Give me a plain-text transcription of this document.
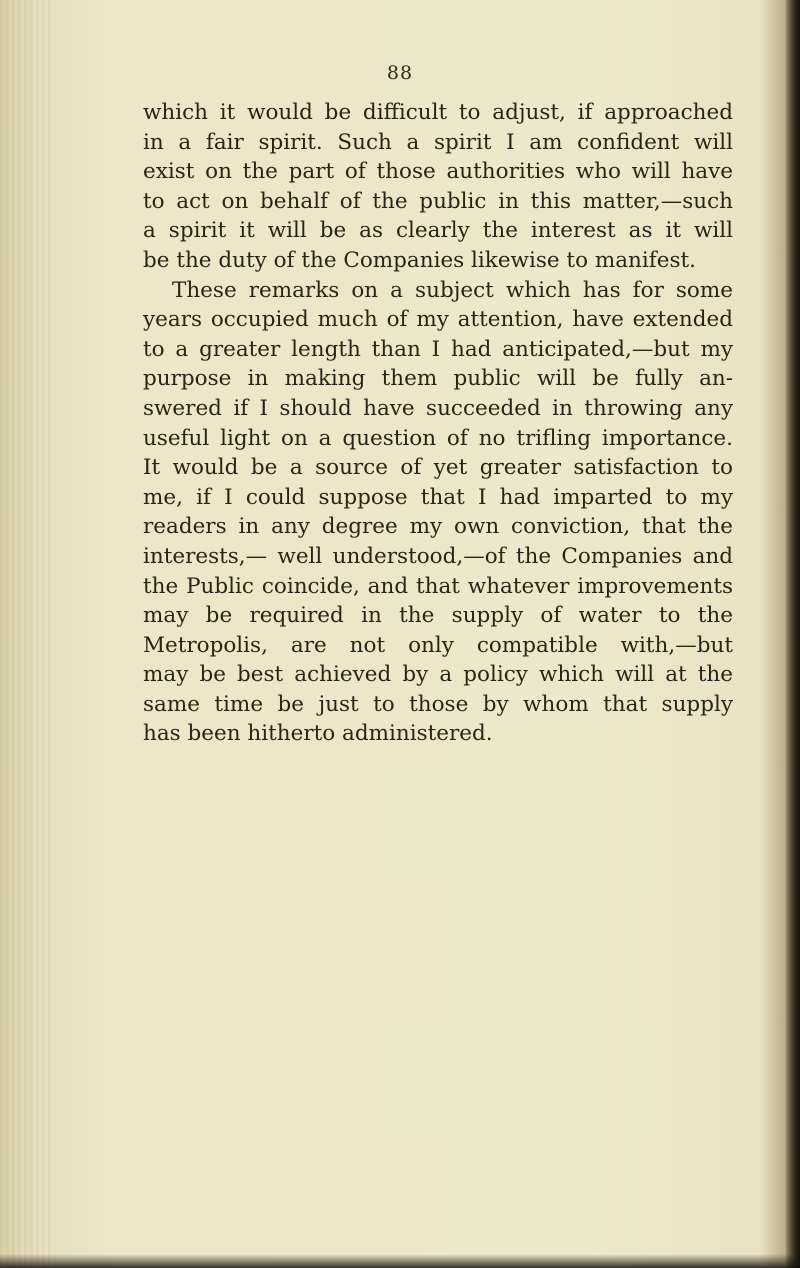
88
which it would be difficult to adjust, if approached
in a fair spirit. Such a spirit I am confident will
exist on the part of those authorities who will have
to act on behalf of the public in this matter,—such
a spirit it will be as clearly the interest as it will
be the duty of the Companies likewise to manifest.
These remarks on a subject which has for some
years occupied much of my attention, have extended
to a greater length than I had anticipated,—but my
purpose in making them public will be fully an-
swered if I should have succeeded in throwing any
useful light on a question of no trifling importance.
It would be a source of yet greater satisfaction to
me, if I could suppose that I had imparted to my
readers in any degree my own conviction, that the
interests,— well understood,—of the Companies and
the Public coincide, and that whatever improvements
may be required in the supply of water to the
Metropolis, are not only compatible with,—but
may be best achieved by a policy which will at the
same time be just to those by whom that supply
has been hitherto administered.
